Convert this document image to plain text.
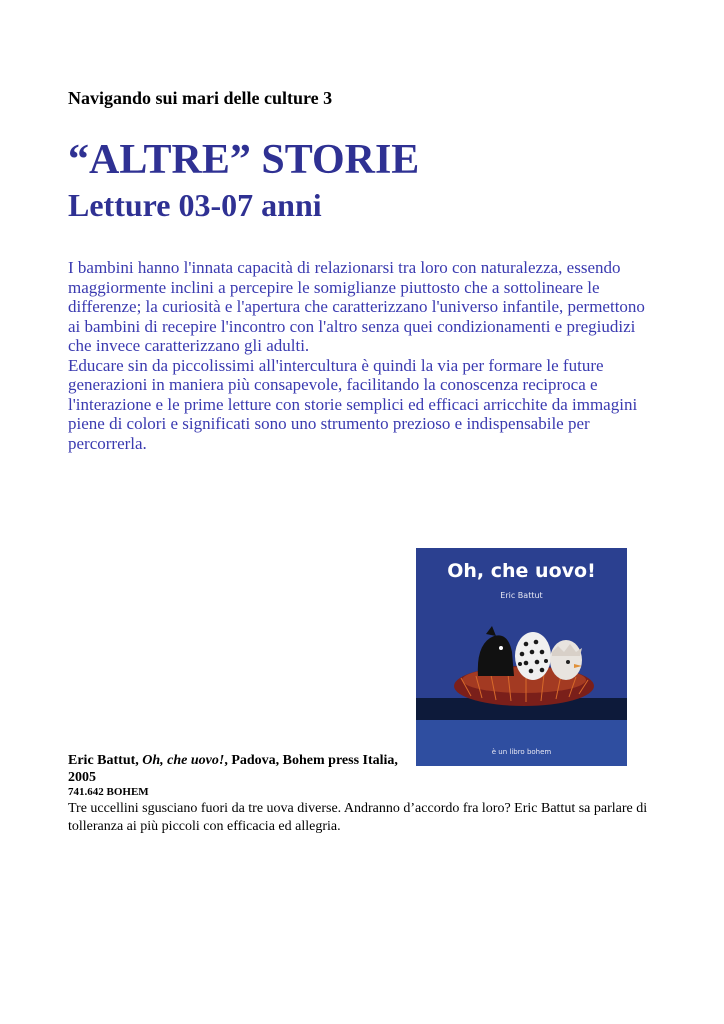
Navigando sui mari delle culture 3
“ALTRE” STORIE
Letture 03-07 anni

I bambini hanno l'innata capacità di relazionarsi tra loro con naturalezza, essendo maggiormente inclini a percepire le somiglianze piuttosto che a sottolineare le differenze; la curiosità e l'apertura che caratterizzano l'universo infantile, permettono ai bambini di recepire l'incontro con l'altro senza quei condizionamenti e pregiudizi che invece caratterizzano gli adulti.

Educare sin da piccolissimi all'intercultura è quindi la via per formare le future generazioni in maniera più consapevole, facilitando la conoscenza reciproca e l'interazione e le prime letture con storie semplici ed efficaci arricchite da immagini piene di colori e significati sono uno strumento prezioso e indispensabile per percorrerla.

Oh, che uovo!
Eric Battut
è un libro bohem
Eric Battut, Oh, che uovo!, Padova, Bohem press Italia, 2005
741.642 BOHEM
Tre uccellini sgusciano fuori da tre uova diverse. Andranno d’accordo fra loro? Eric Battut sa parlare di tolleranza ai più piccoli con efficacia ed allegria.
